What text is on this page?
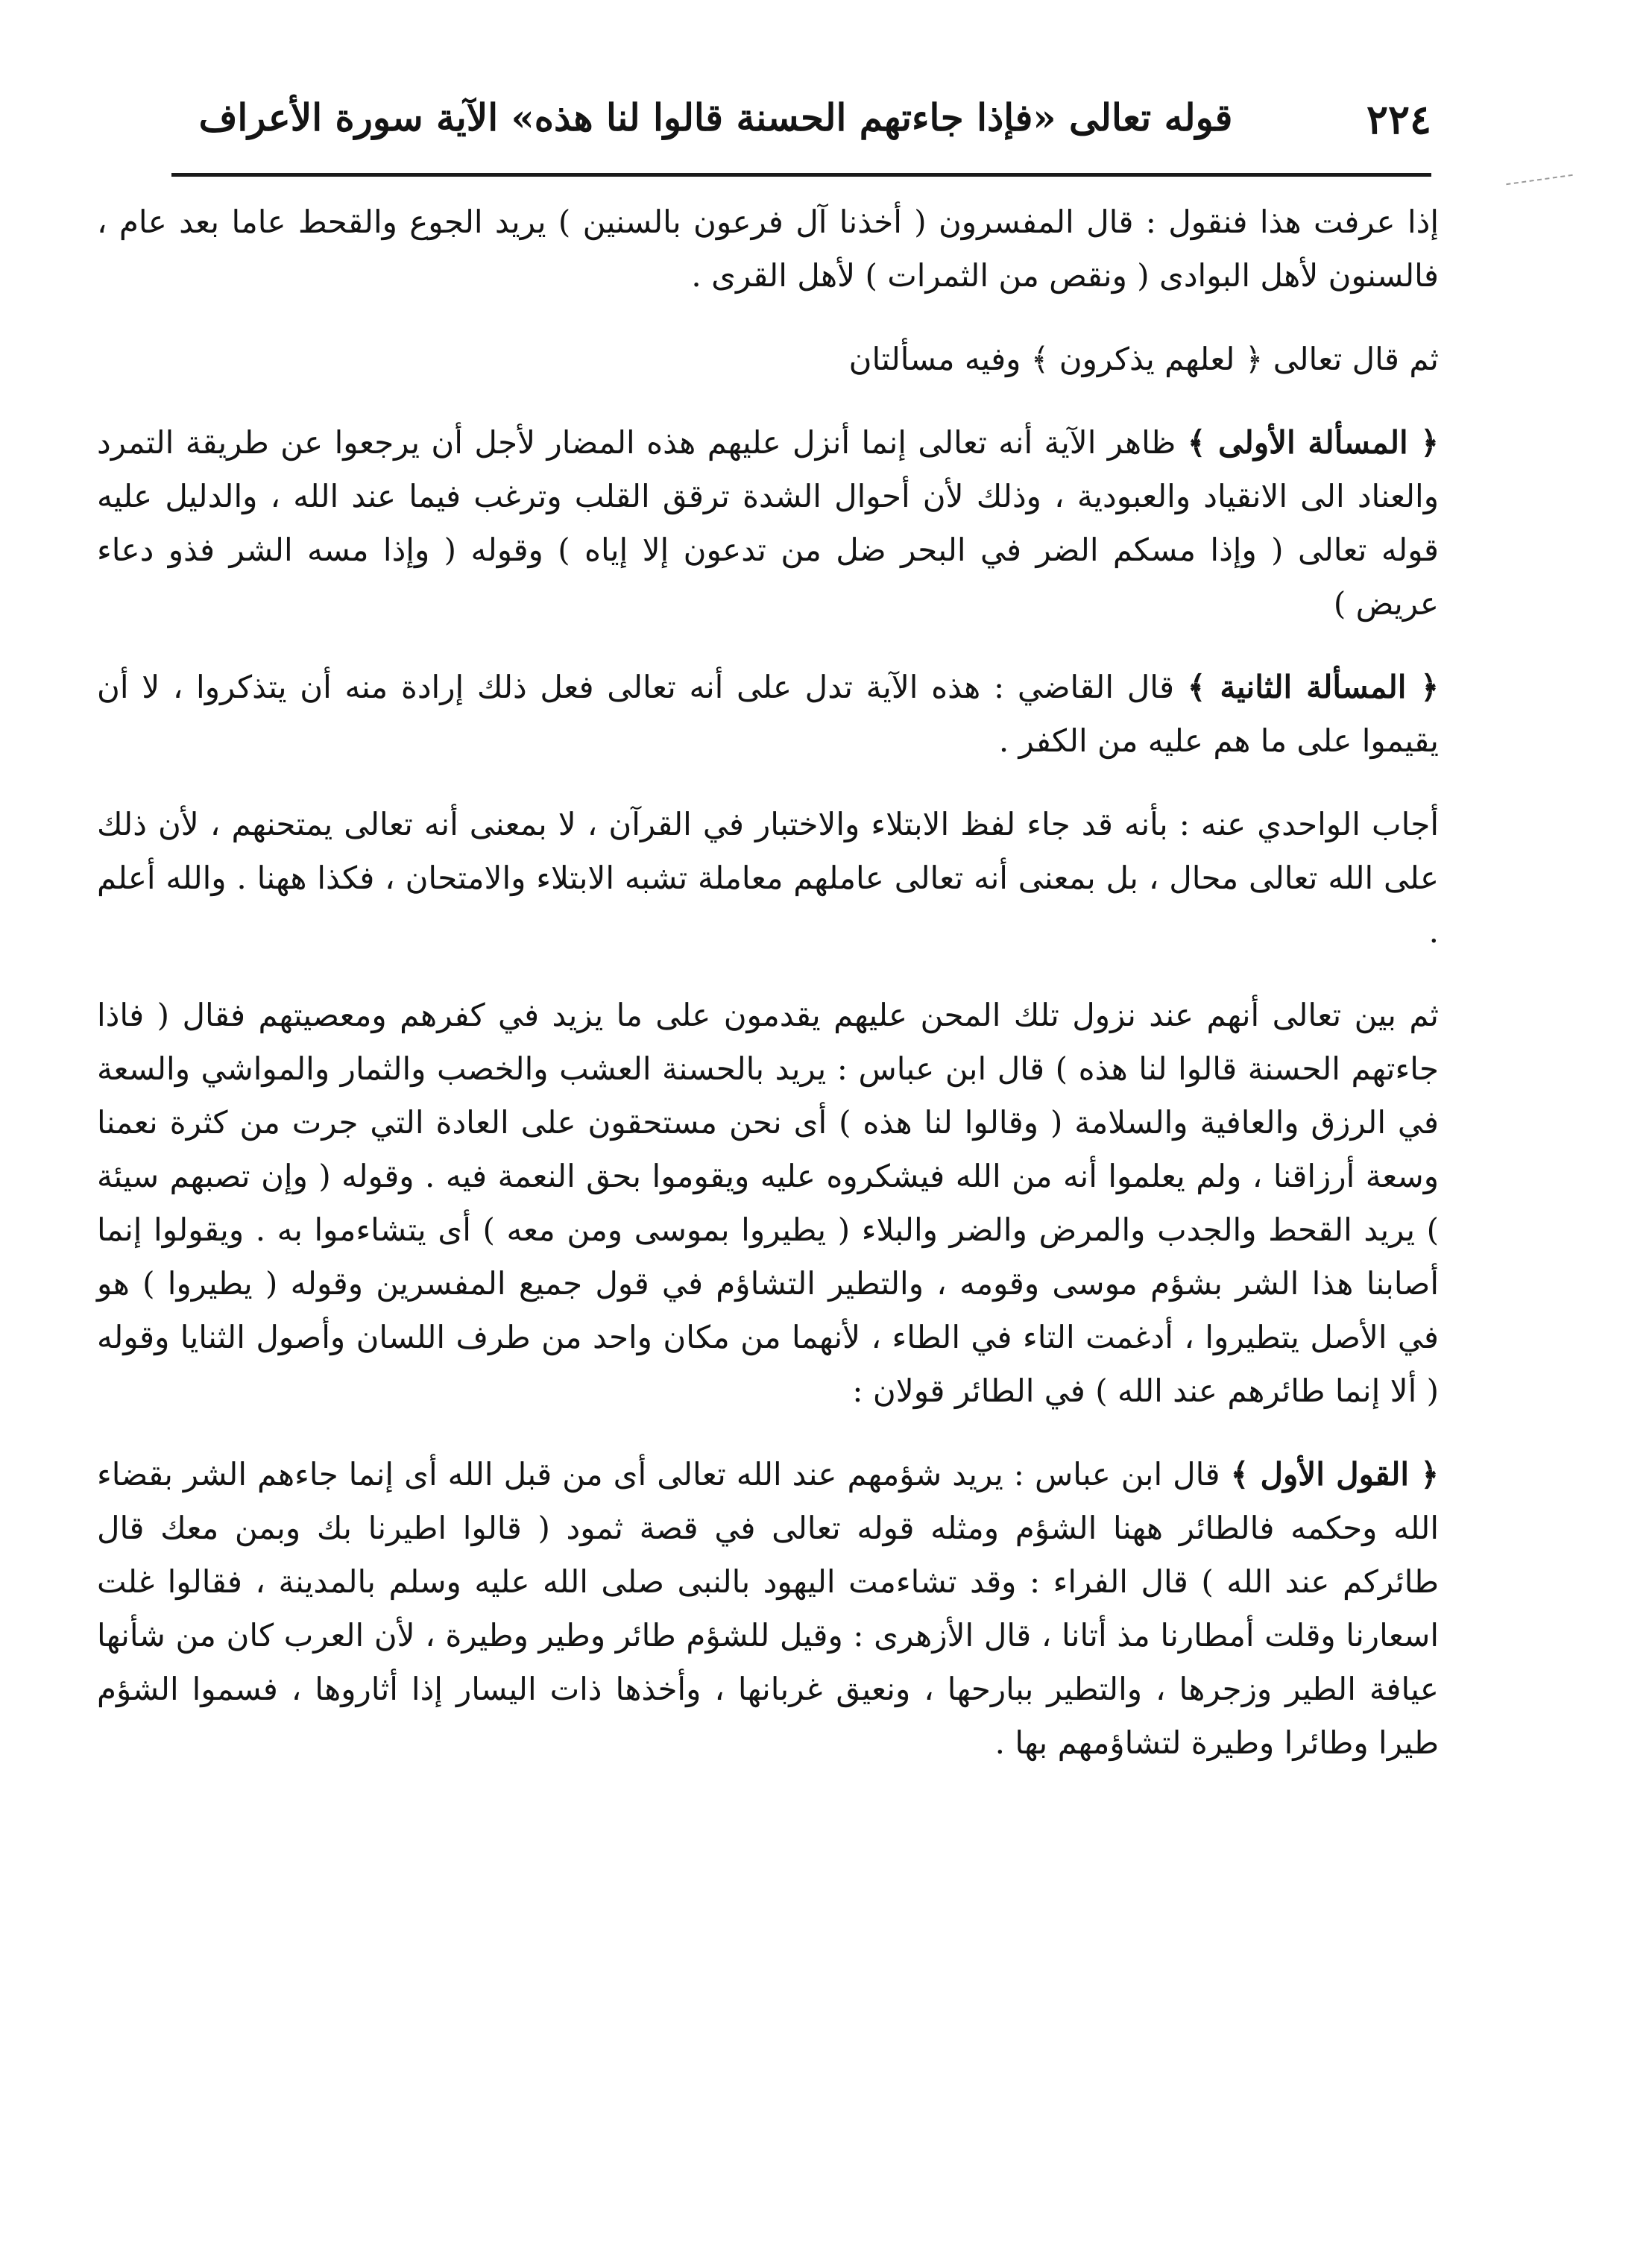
٢٢٤
قوله تعالى «فإذا جاءتهم الحسنة قالوا لنا هذه» الآية سورة الأعراف

إذا عرفت هذا فنقول : قال المفسرون ( أخذنا آل فرعون بالسنين ) يريد الجوع والقحط عاما بعد عام ، فالسنون لأهل البوادى ( ونقص من الثمرات ) لأهل القرى .

ثم قال تعالى ﴿ لعلهم يذكرون ﴾ وفيه مسألتان

﴿ المسألة الأولى ﴾ ظاهر الآية أنه تعالى إنما أنزل عليهم هذه المضار لأجل أن يرجعوا عن طريقة التمرد والعناد الى الانقياد والعبودية ، وذلك لأن أحوال الشدة ترقق القلب وترغب فيما عند الله ، والدليل عليه قوله تعالى ( وإذا مسكم الضر في البحر ضل من تدعون إلا إياه ) وقوله ( وإذا مسه الشر فذو دعاء عريض )

﴿ المسألة الثانية ﴾ قال القاضي : هذه الآية تدل على أنه تعالى فعل ذلك إرادة منه أن يتذكروا ، لا أن يقيموا على ما هم عليه من الكفر .

أجاب الواحدي عنه : بأنه قد جاء لفظ الابتلاء والاختبار في القرآن ، لا بمعنى أنه تعالى يمتحنهم ، لأن ذلك على الله تعالى محال ، بل بمعنى أنه تعالى عاملهم معاملة تشبه الابتلاء والامتحان ، فكذا ههنا . والله أعلم .

ثم بين تعالى أنهم عند نزول تلك المحن عليهم يقدمون على ما يزيد في كفرهم ومعصيتهم فقال ( فاذا جاءتهم الحسنة قالوا لنا هذه ) قال ابن عباس : يريد بالحسنة العشب والخصب والثمار والمواشي والسعة في الرزق والعافية والسلامة ( وقالوا لنا هذه ) أى نحن مستحقون على العادة التي جرت من كثرة نعمنا وسعة أرزاقنا ، ولم يعلموا أنه من الله فيشكروه عليه ويقوموا بحق النعمة فيه . وقوله ( وإن تصبهم سيئة ) يريد القحط والجدب والمرض والضر والبلاء ( يطيروا بموسى ومن معه ) أى يتشاءموا به . ويقولوا إنما أصابنا هذا الشر بشؤم موسى وقومه ، والتطير التشاؤم في قول جميع المفسرين وقوله ( يطيروا ) هو في الأصل يتطيروا ، أدغمت التاء في الطاء ، لأنهما من مكان واحد من طرف اللسان وأصول الثنايا وقوله ( ألا إنما طائرهم عند الله ) في الطائر قولان :

﴿ القول الأول ﴾ قال ابن عباس : يريد شؤمهم عند الله تعالى أى من قبل الله أى إنما جاءهم الشر بقضاء الله وحكمه فالطائر ههنا الشؤم ومثله قوله تعالى في قصة ثمود ( قالوا اطيرنا بك وبمن معك قال طائركم عند الله ) قال الفراء : وقد تشاءمت اليهود بالنبى صلى الله عليه وسلم بالمدينة ، فقالوا غلت اسعارنا وقلت أمطارنا مذ أتانا ، قال الأزهرى : وقيل للشؤم طائر وطير وطيرة ، لأن العرب كان من شأنها عيافة الطير وزجرها ، والتطير ببارحها ، ونعيق غربانها ، وأخذها ذات اليسار إذا أثاروها ، فسموا الشؤم طيرا وطائرا وطيرة لتشاؤمهم بها .
